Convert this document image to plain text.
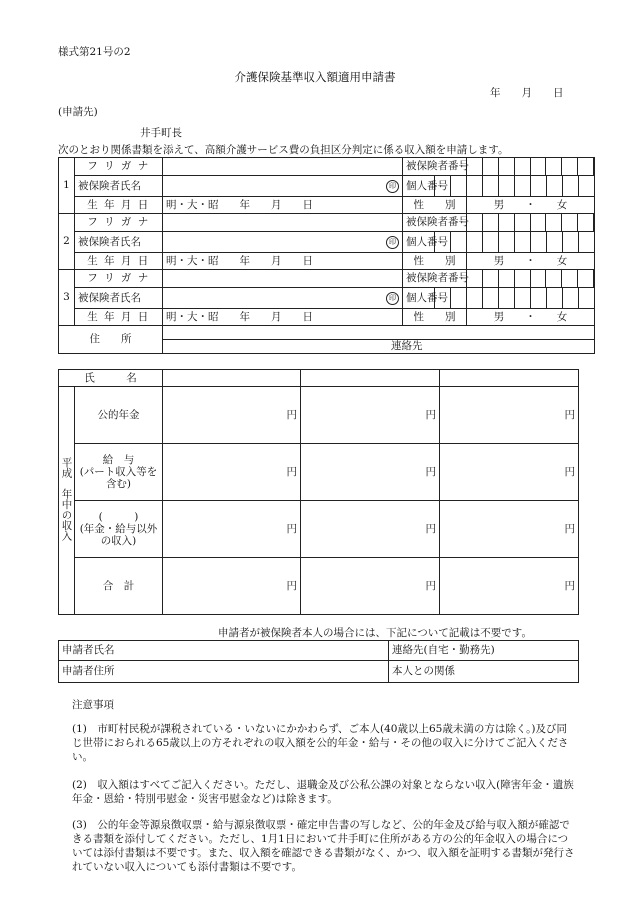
様式第21号の2
介護保険基準収入額適用申請書
年　　月　　日
(申請先)
井手町長
次のとおり関係書類を添えて、高額介護サービス費の負担区分判定に係る収入額を申請します。
1	フ リ ガ ナ		被保険者番号											

	被保険者氏名	印	個人番号											
	生 年 月 日	明・大・昭　　年　　月　　日	性　　別			男　　・　　女								
2	フ リ ガ ナ		被保険者番号											

	被保険者氏名	印	個人番号											
	生 年 月 日	明・大・昭　　年　　月　　日	性　　別			男　　・　　女								
3	フ リ ガ ナ		被保険者番号											

	被保険者氏名	印	個人番号											
	生 年 月 日	明・大・昭　　年　　月　　日	性　　別			男　　・　　女								
住　　所		連絡先												
氏　　　名				
平成　年中の収入	公的年金	円	円	円
	給　与
(パート収入等を含む)	円	円	円
	(　　　)
(年金・給与以外の収入)	円	円	円
	合　計	円	円	円
申請者が被保険者本人の場合には、下記について記載は不要です。
申請者氏名	連絡先(自宅・勤務先)
申請者住所	本人との関係
注意事項
(1)　市町村民税が課税されている・いないにかかわらず、ご本人(40歳以上65歳未満の方は除く。)及び同じ世帯におられる65歳以上の方それぞれの収入額を公的年金・給与・その他の収入に分けてご記入ください。
(2)　収入額はすべてご記入ください。ただし、退職金及び公私公課の対象とならない収入(障害年金・遺族年金・恩給・特別弔慰金・災害弔慰金など)は除きます。
(3)　公的年金等源泉徴収票・給与源泉徴収票・確定申告書の写しなど、公的年金及び給与収入額が確認できる書類を添付してください。ただし、1月1日において井手町に住所がある方の公的年金収入の場合については添付書類は不要です。また、収入額を確認できる書類がなく、かつ、収入額を証明する書類が発行されていない収入についても添付書類は不要です。
